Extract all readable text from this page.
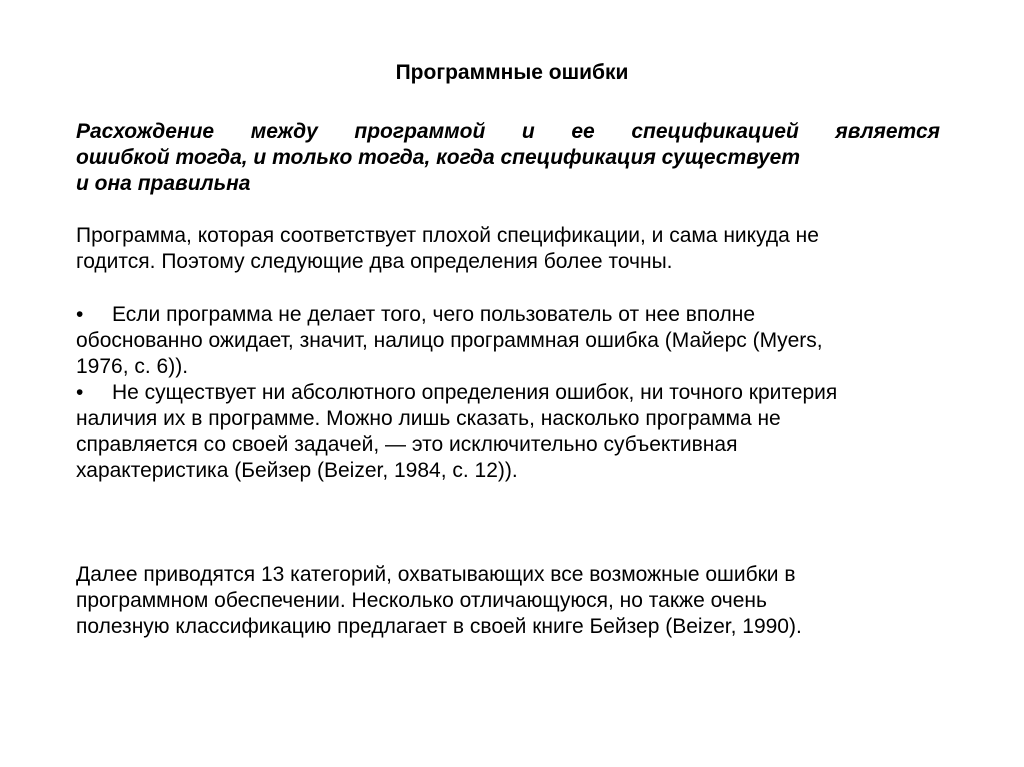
Программные ошибки

Расхождение между программой и ее спецификацией является
ошибкой тогда, и только тогда, когда спецификация существует
и она правильна

Программа, которая соответствует плохой спецификации, и сама никуда не
годится. Поэтому следующие два определения более точны.

• Если программа не делает того, чего пользователь от нее вполне
обоснованно ожидает, значит, налицо программная ошибка (Майерс (Myers,
1976, c. 6)).
• Не существует ни абсолютного определения ошибок, ни точного критерия
наличия их в программе. Можно лишь сказать, насколько программа не
справляется со своей задачей, — это исключительно субъективная
характеристика (Бейзер (Beizer, 1984, c. 12)).

Далее приводятся 13 категорий, охватывающих все возможные ошибки в
программном обеспечении. Несколько отличающуюся, но также очень
полезную классификацию предлагает в своей книге Бейзер (Beizer, 1990).
